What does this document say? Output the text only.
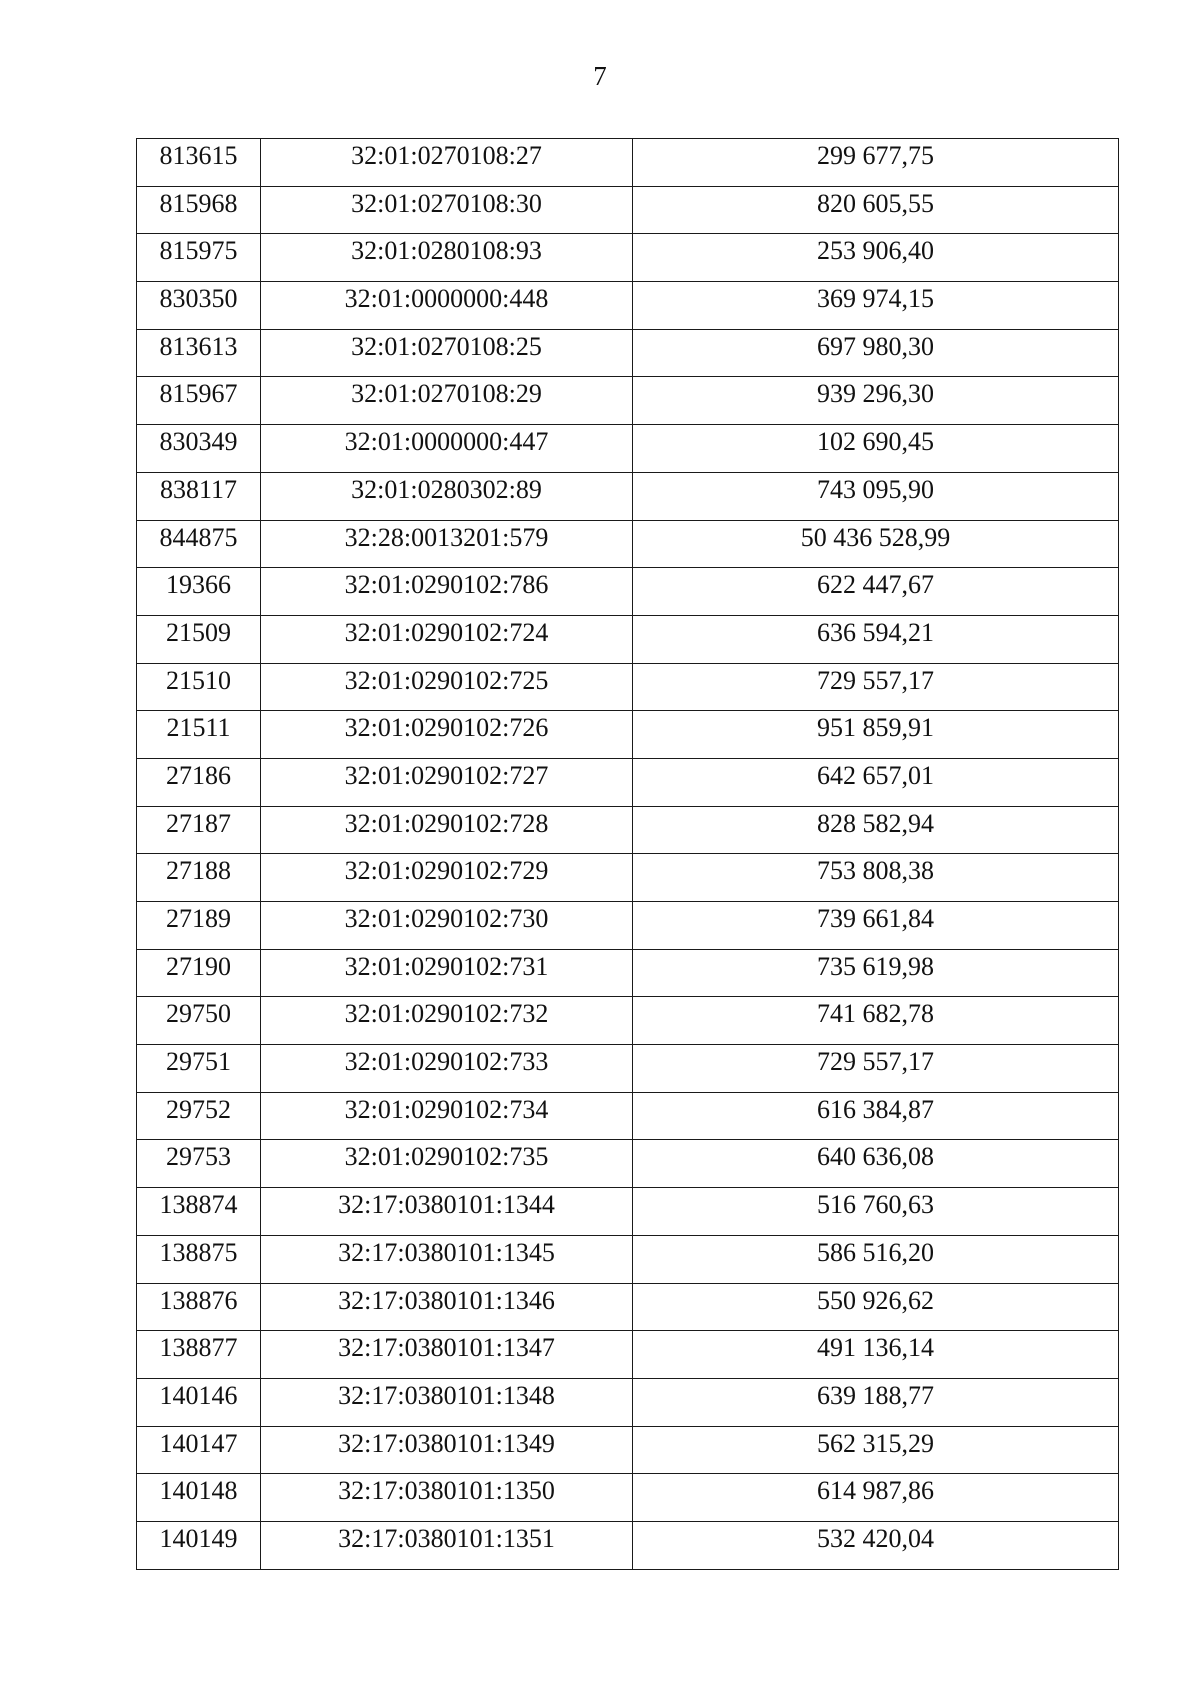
7
813615	32:01:0270108:27	299 677,75
815968	32:01:0270108:30	820 605,55
815975	32:01:0280108:93	253 906,40
830350	32:01:0000000:448	369 974,15
813613	32:01:0270108:25	697 980,30
815967	32:01:0270108:29	939 296,30
830349	32:01:0000000:447	102 690,45
838117	32:01:0280302:89	743 095,90
844875	32:28:0013201:579	50 436 528,99
19366	32:01:0290102:786	622 447,67
21509	32:01:0290102:724	636 594,21
21510	32:01:0290102:725	729 557,17
21511	32:01:0290102:726	951 859,91
27186	32:01:0290102:727	642 657,01
27187	32:01:0290102:728	828 582,94
27188	32:01:0290102:729	753 808,38
27189	32:01:0290102:730	739 661,84
27190	32:01:0290102:731	735 619,98
29750	32:01:0290102:732	741 682,78
29751	32:01:0290102:733	729 557,17
29752	32:01:0290102:734	616 384,87
29753	32:01:0290102:735	640 636,08
138874	32:17:0380101:1344	516 760,63
138875	32:17:0380101:1345	586 516,20
138876	32:17:0380101:1346	550 926,62
138877	32:17:0380101:1347	491 136,14
140146	32:17:0380101:1348	639 188,77
140147	32:17:0380101:1349	562 315,29
140148	32:17:0380101:1350	614 987,86
140149	32:17:0380101:1351	532 420,04
